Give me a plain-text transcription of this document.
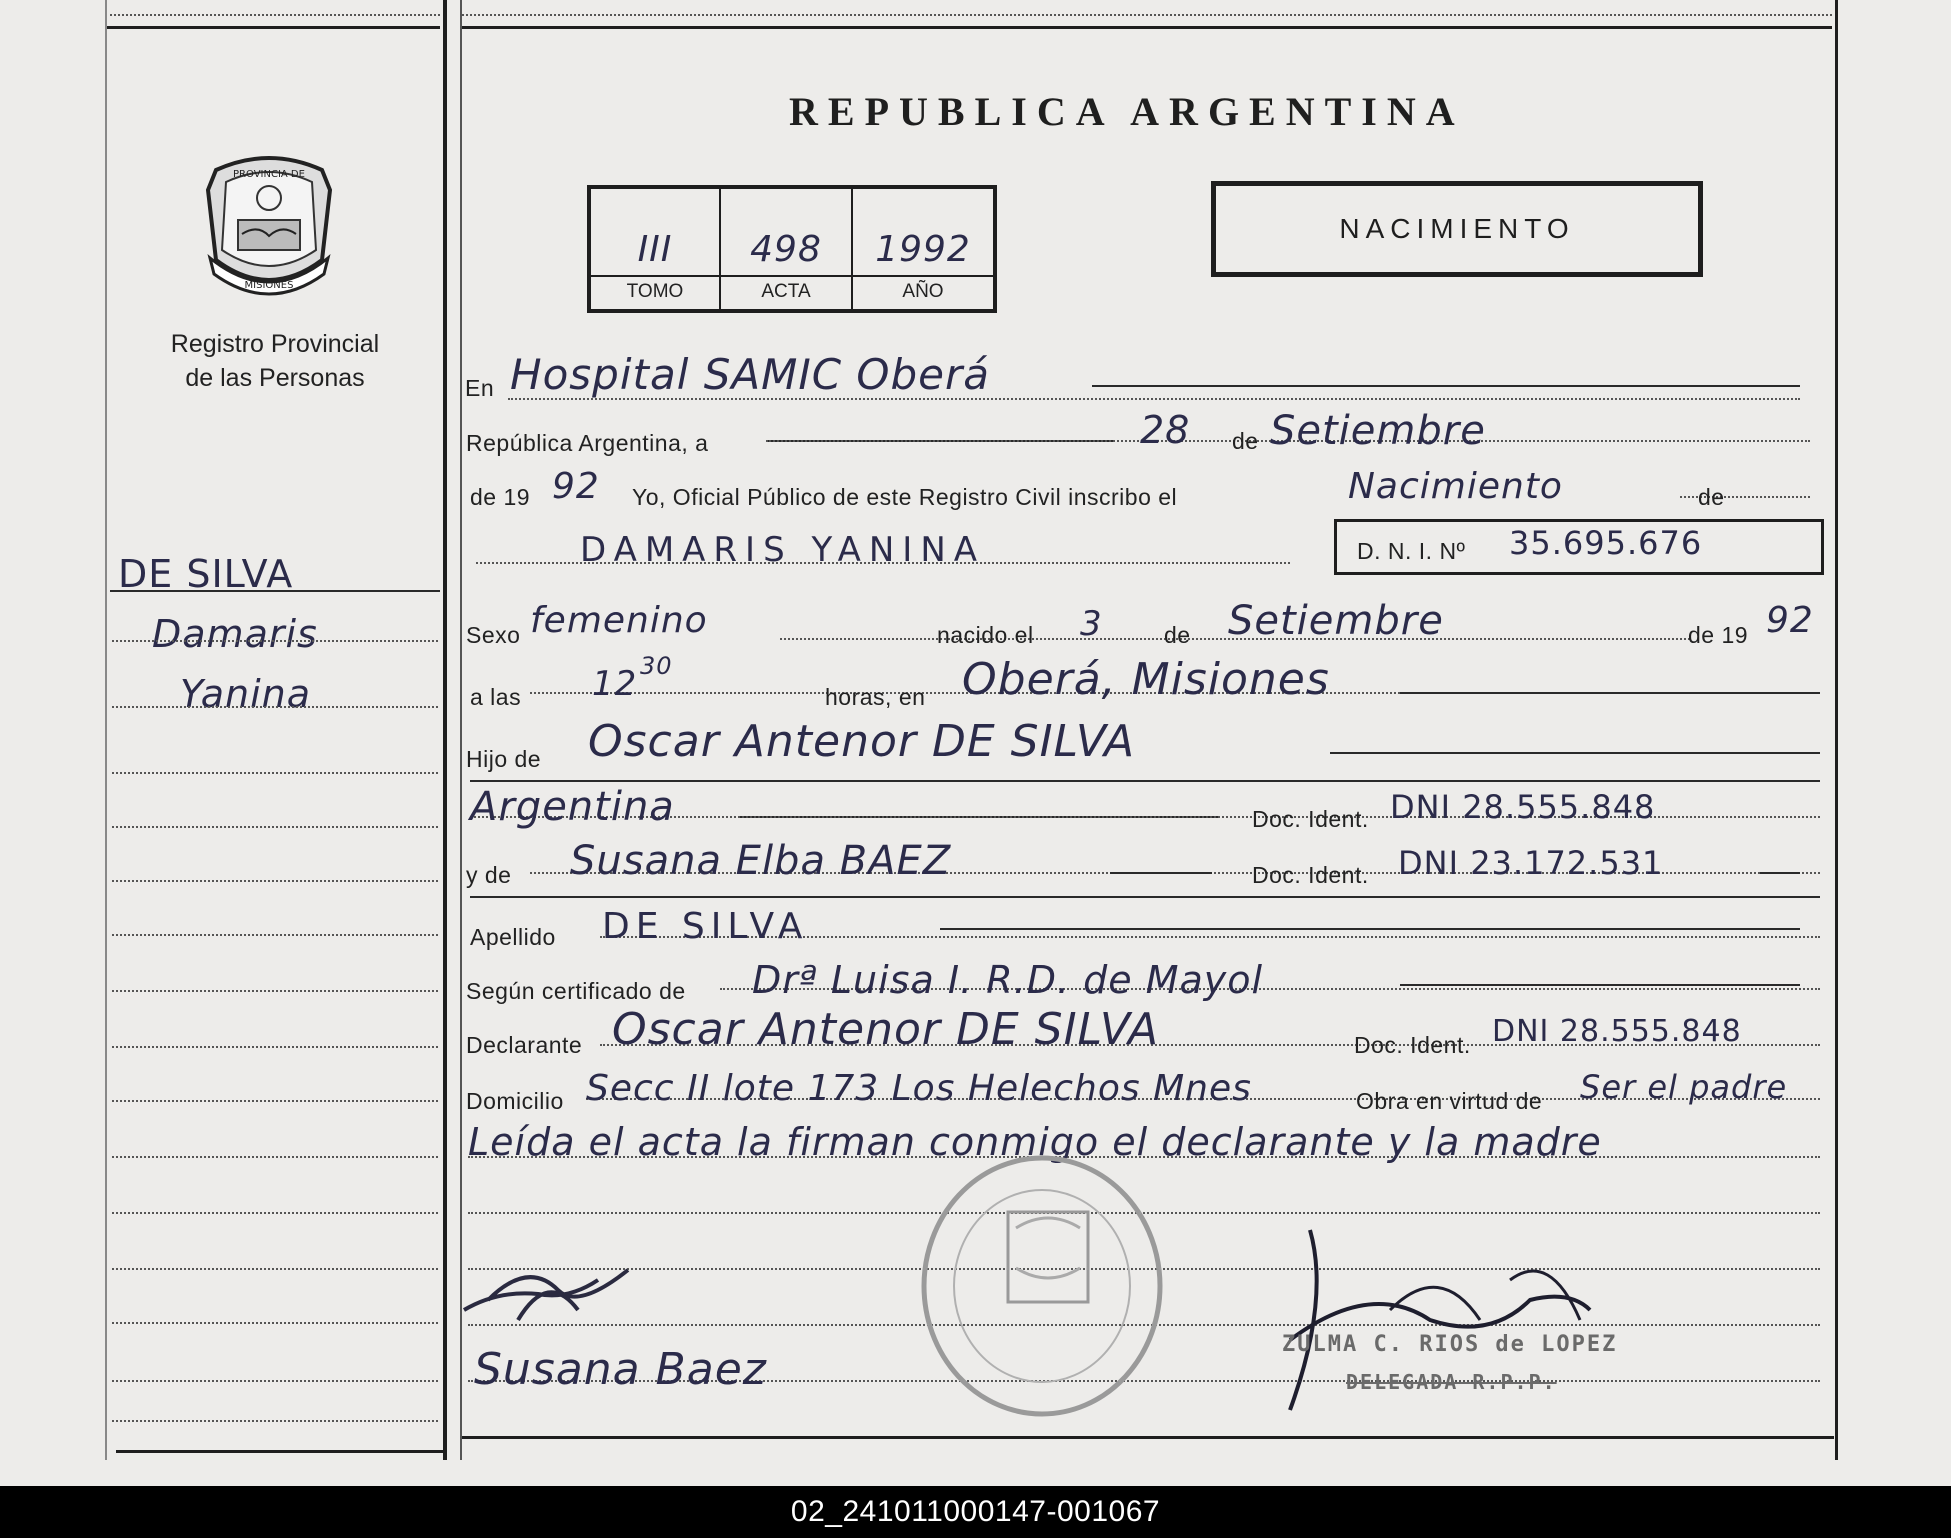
REPUBLICA ARGENTINA
PROVINCIA DE
MISIONES
Registro Provincial
de las Personas
III
TOMO
498
ACTA
1992
AÑO
NACIMIENTO
DE SILVA
Damaris
Yanina
En Hospital SAMIC Oberá
República Argentina, a	28 de Setiembre
de 19 92 Yo, Oficial Público de este Registro Civil inscribo el	Nacimiento	de
DAMARIS YANINA	D. N. I. Nº 35.695.676
Sexo femenino	nacido el 3	de Setiembre	de 19 92
a las 12 30
horas, en Oberá, Misiones
Hijo de Oscar Antenor DE SILVA
Argentina	Doc. Ident. DNI 28.555.848
y de Susana Elba BAEZ	Doc. Ident. DNI 23.172.531
Apellido DE SILVA
Según certificado de Drª Luisa I. R.D. de Mayol
Declarante Oscar Antenor DE SILVA	Doc. Ident. DNI 28.555.848
Domicilio Secc II lote 173 Los Helechos Mnes	Obra en virtud de Ser el padre
Leída el acta la firman conmigo el declarante y la madre
Susana Baez	ZULMA C. RIOS de LOPEZ
DELEGADA R.P.P.
02_241011000147-001067
